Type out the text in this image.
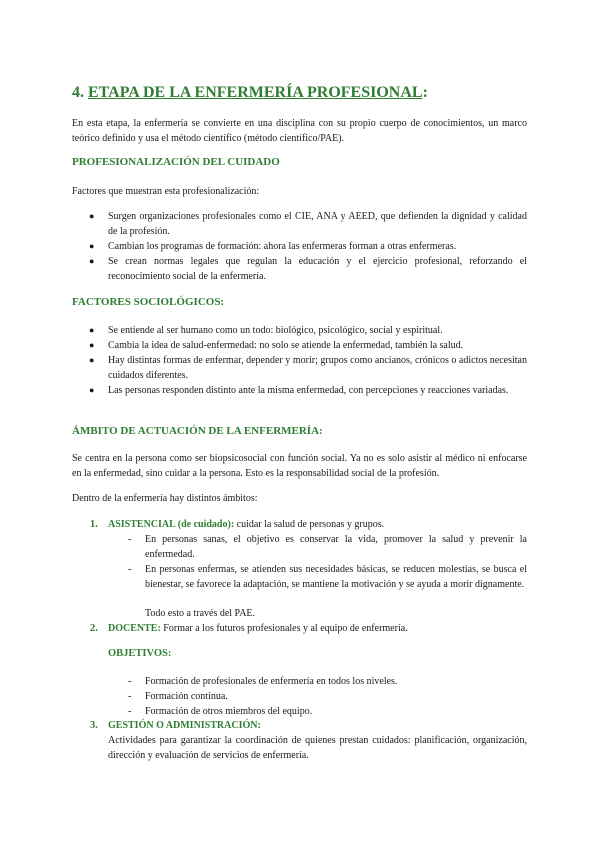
4. ETAPA DE LA ENFERMERÍA PROFESIONAL:
En esta etapa, la enfermería se convierte en una disciplina con su propio cuerpo de conocimientos, un marco teórico definido y usa el método científico (método científico/PAE).
PROFESIONALIZACIÓN DEL CUIDADO
Factores que muestran esta profesionalización:
● Surgen organizaciones profesionales como el CIE, ANA y AEED, que defienden la dignidad y calidad de la profesión.
● Cambian los programas de formación: ahora las enfermeras forman a otras enfermeras.
● Se crean normas legales que regulan la educación y el ejercicio profesional, reforzando el reconocimiento social de la enfermería.
FACTORES SOCIOLÓGICOS:
● Se entiende al ser humano como un todo: biológico, psicológico, social y espiritual.
● Cambia la idea de salud-enfermedad: no solo se atiende la enfermedad, también la salud.
● Hay distintas formas de enfermar, depender y morir; grupos como ancianos, crónicos o adictos necesitan cuidados diferentes.
● Las personas responden distinto ante la misma enfermedad, con percepciones y reacciones variadas.
ÁMBITO DE ACTUACIÓN DE LA ENFERMERÍA:
Se centra en la persona como ser biopsicosocial con función social. Ya no es solo asistir al médico ni enfocarse en la enfermedad, sino cuidar a la persona. Esto es la responsabilidad social de la profesión.
Dentro de la enfermería hay distintos ámbitos:
1. ASISTENCIAL (de cuidado): cuidar la salud de personas y grupos.
- En personas sanas, el objetivo es conservar la vida, promover la salud y prevenir la enfermedad.
- En personas enfermas, se atienden sus necesidades básicas, se reducen molestias, se busca el bienestar, se favorece la adaptación, se mantiene la motivación y se ayuda a morir dignamente.
Todo esto a través del PAE.
2. DOCENTE: Formar a los futuros profesionales y al equipo de enfermería.
OBJETIVOS:
- Formación de profesionales de enfermería en todos los niveles.
- Formación continua.
- Formación de otros miembros del equipo.
3. GESTIÓN O ADMINISTRACIÓN:
Actividades para garantizar la coordinación de quienes prestan cuidados: planificación, organización, dirección y evaluación de servicios de enfermería.
